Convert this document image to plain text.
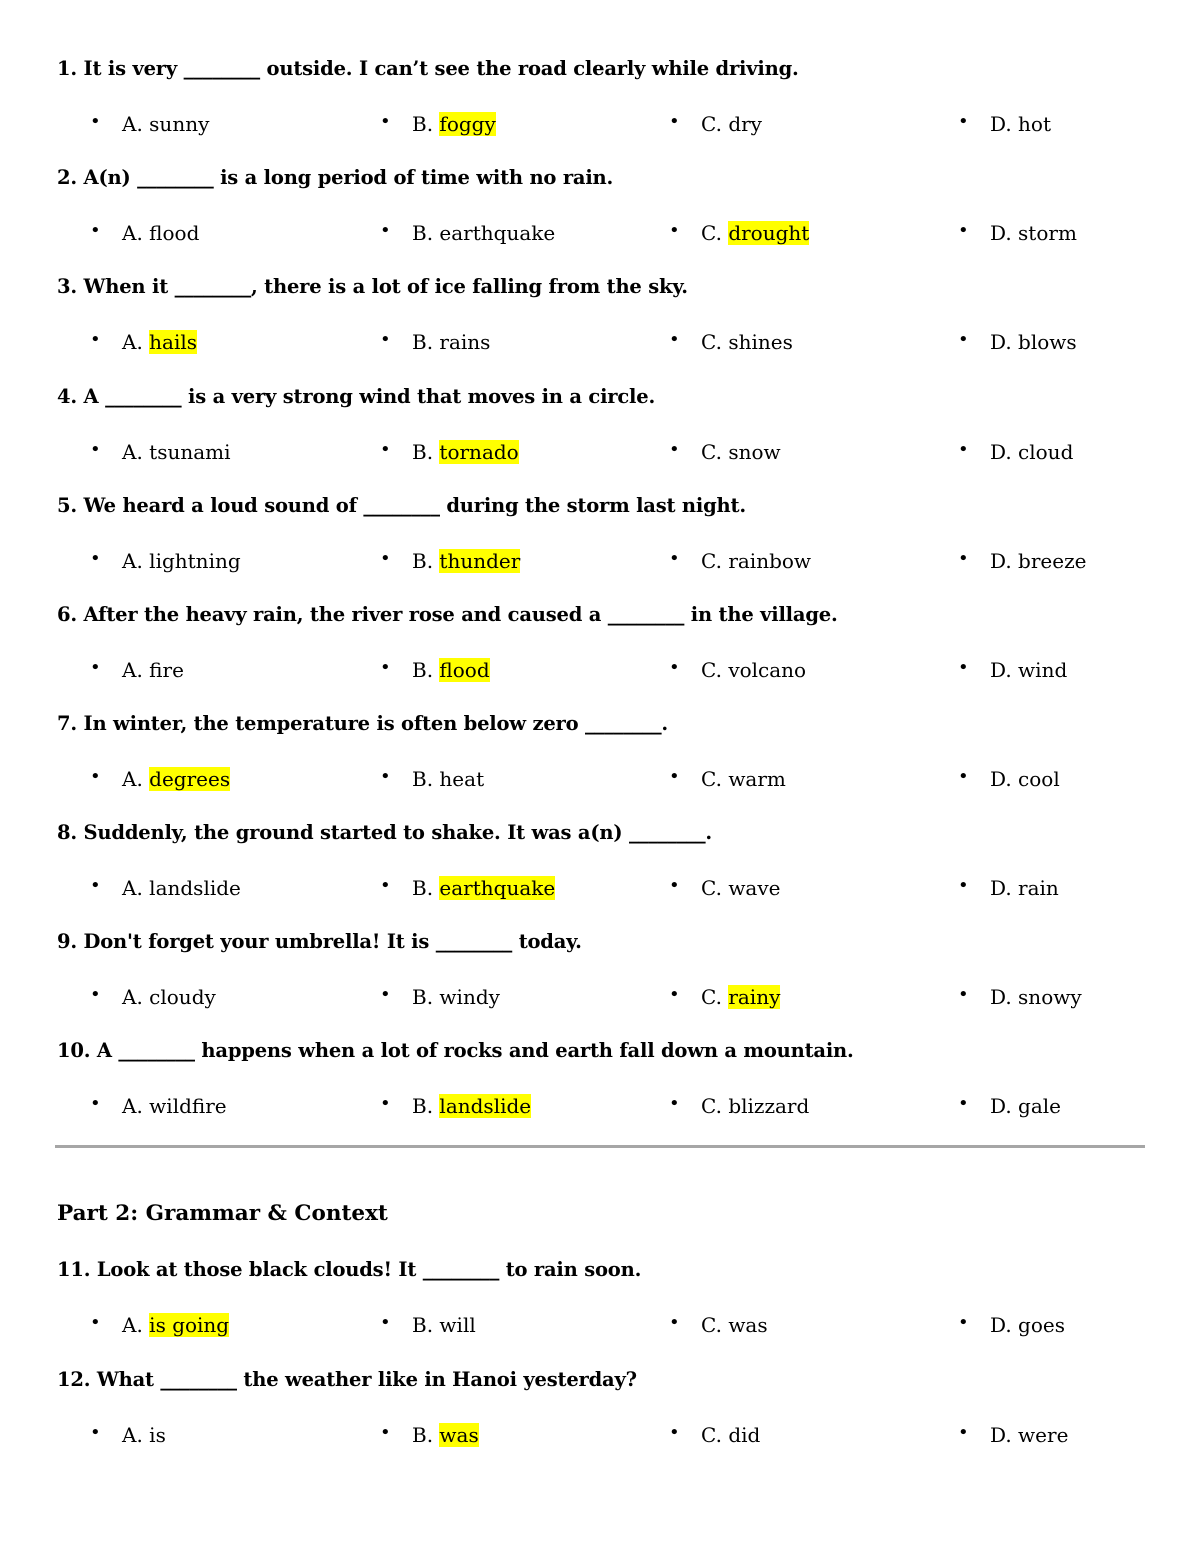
1. It is very ________ outside. I can’t see the road clearly while driving.
• A. sunny	• B. foggy	• C. dry	• D. hot
2. A(n) ________ is a long period of time with no rain.
• A. flood	• B. earthquake	• C. drought	• D. storm
3. When it ________, there is a lot of ice falling from the sky.
• A. hails	• B. rains	• C. shines	• D. blows
4. A ________ is a very strong wind that moves in a circle.
• A. tsunami	• B. tornado	• C. snow	• D. cloud
5. We heard a loud sound of ________ during the storm last night.
• A. lightning	• B. thunder	• C. rainbow	• D. breeze
6. After the heavy rain, the river rose and caused a ________ in the village.
• A. fire	• B. flood	• C. volcano	• D. wind
7. In winter, the temperature is often below zero ________.
• A. degrees	• B. heat	• C. warm	• D. cool
8. Suddenly, the ground started to shake. It was a(n) ________.
• A. landslide	• B. earthquake	• C. wave	• D. rain
9. Don't forget your umbrella! It is ________ today.
• A. cloudy	• B. windy	• C. rainy	• D. snowy
10. A ________ happens when a lot of rocks and earth fall down a mountain.
• A. wildfire	• B. landslide	• C. blizzard	• D. gale
Part 2: Grammar & Context
11. Look at those black clouds! It ________ to rain soon.
• A. is going	• B. will	• C. was	• D. goes
12. What ________ the weather like in Hanoi yesterday?
• A. is	• B. was	• C. did	• D. were
